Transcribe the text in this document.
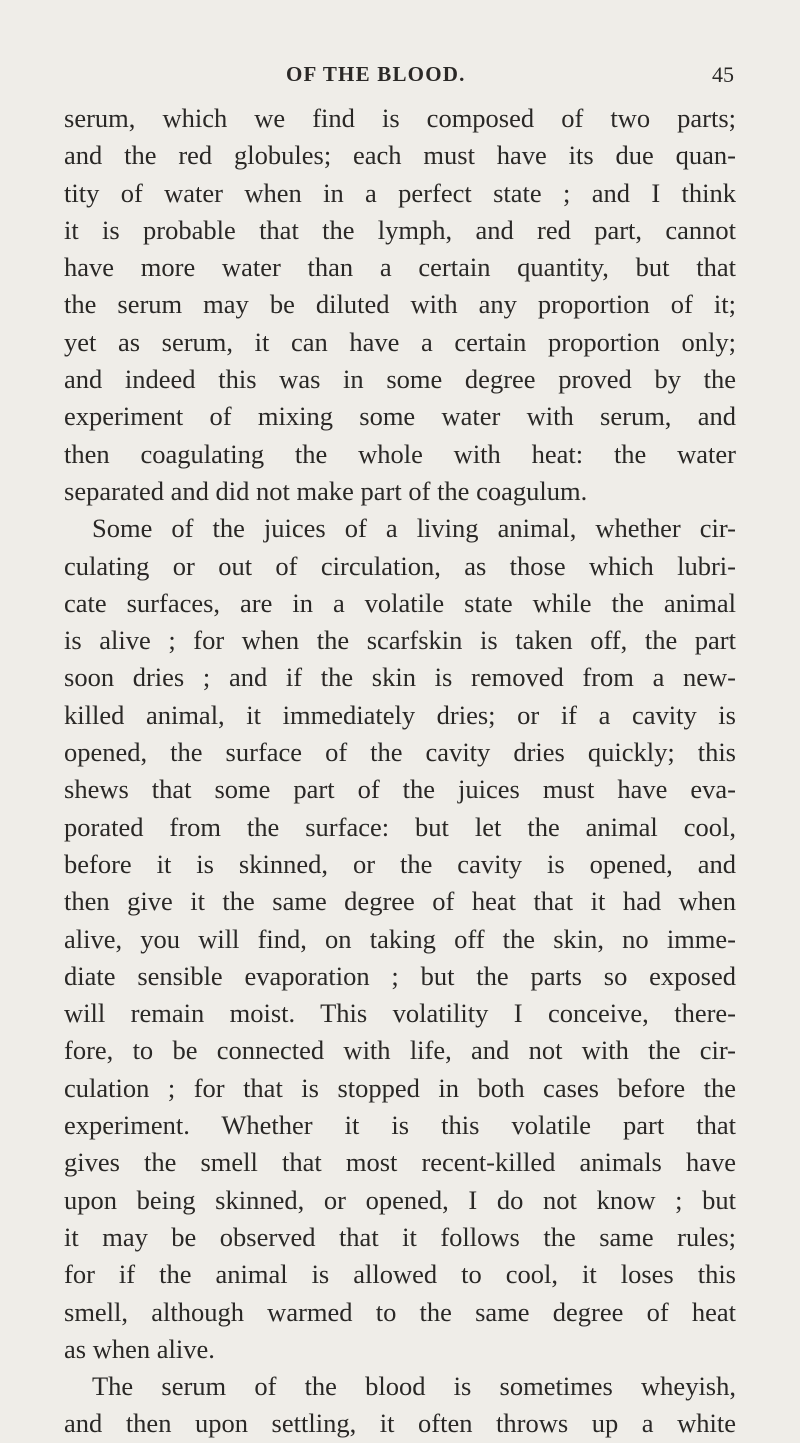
OF THE BLOOD.	45
serum, which we find is composed of two parts;
and the red globules; each must have its due quan-
tity of water when in a perfect state ; and I think
it is probable that the lymph, and red part, cannot
have more water than a certain quantity, but that
the serum may be diluted with any proportion of it;
yet as serum, it can have a certain proportion only;
and indeed this was in some degree proved by the
experiment of mixing some water with serum, and
then coagulating the whole with heat: the water
separated and did not make part of the coagulum.
Some of the juices of a living animal, whether cir-
culating or out of circulation, as those which lubri-
cate surfaces, are in a volatile state while the animal
is alive ; for when the scarfskin is taken off, the part
soon dries ; and if the skin is removed from a new-
killed animal, it immediately dries; or if a cavity is
opened, the surface of the cavity dries quickly; this
shews that some part of the juices must have eva-
porated from the surface: but let the animal cool,
before it is skinned, or the cavity is opened, and
then give it the same degree of heat that it had when
alive, you will find, on taking off the skin, no imme-
diate sensible evaporation ; but the parts so exposed
will remain moist. This volatility I conceive, there-
fore, to be connected with life, and not with the cir-
culation ; for that is stopped in both cases before the
experiment. Whether it is this volatile part that
gives the smell that most recent-killed animals have
upon being skinned, or opened, I do not know ; but
it may be observed that it follows the same rules;
for if the animal is allowed to cool, it loses this
smell, although warmed to the same degree of heat
as when alive.
The serum of the blood is sometimes wheyish,
and then upon settling, it often throws up a white
